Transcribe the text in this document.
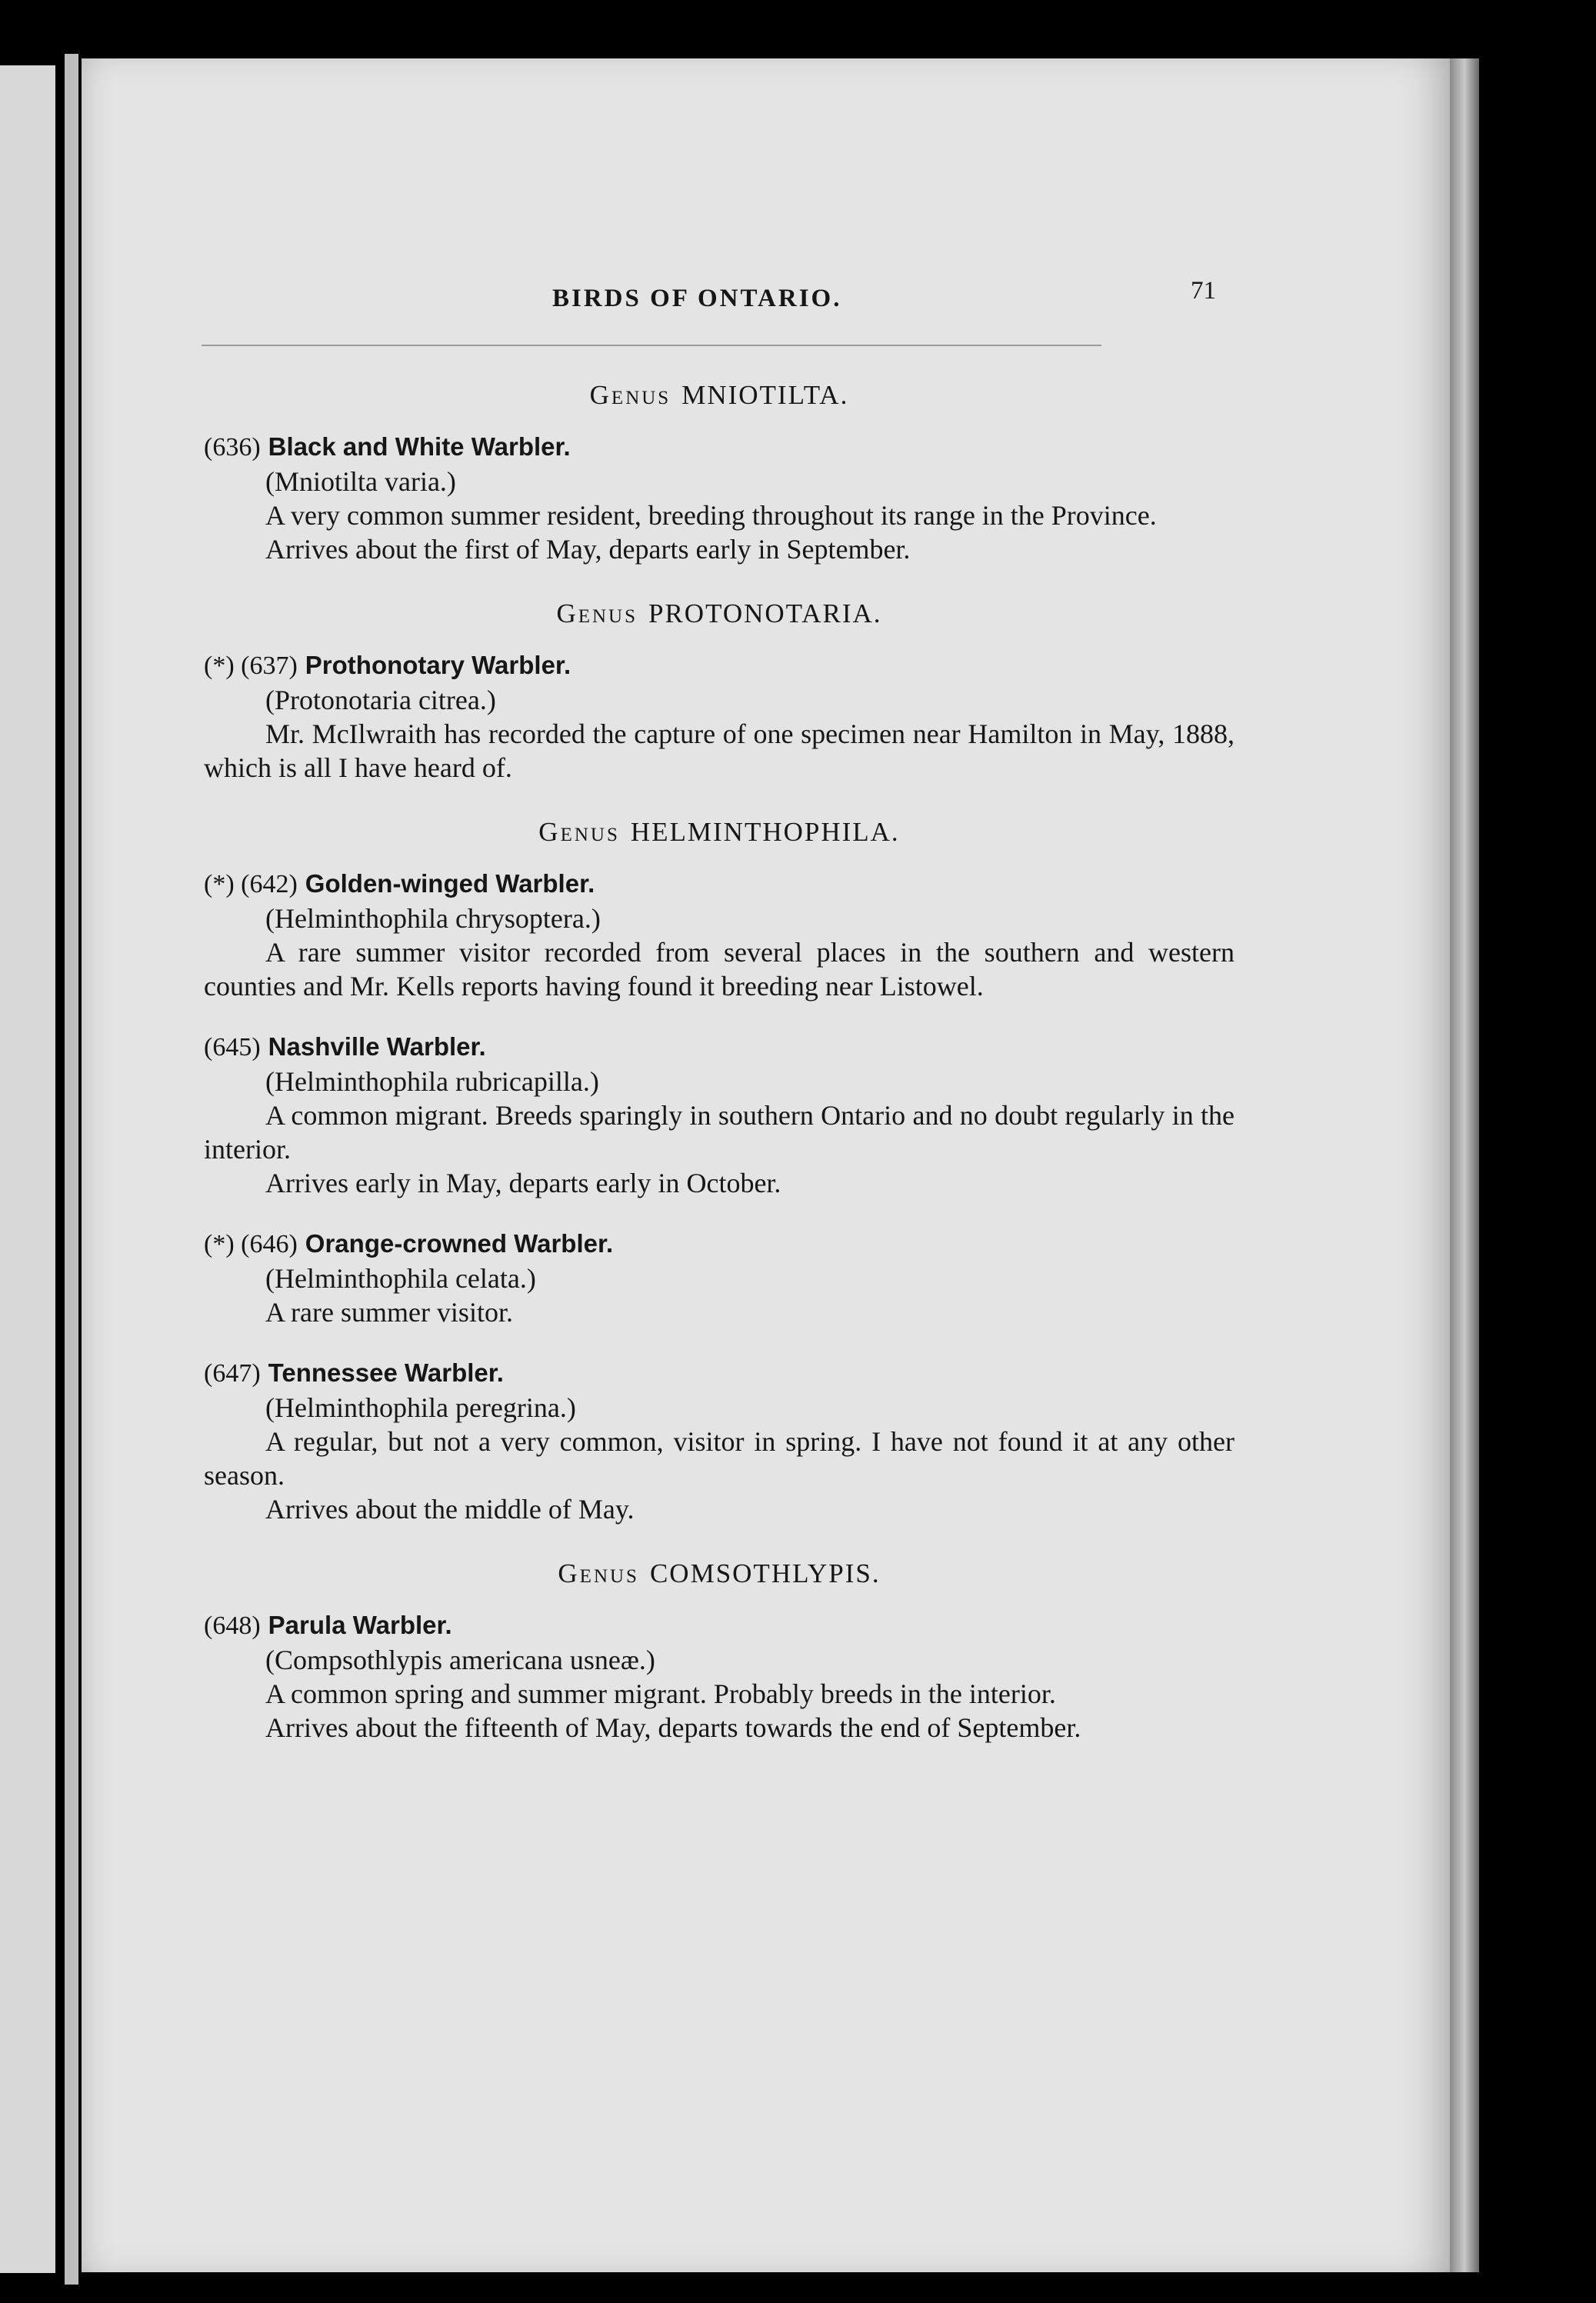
BIRDS OF ONTARIO.	71

Genus MNIOTILTA.

(636) Black and White Warbler.

(Mniotilta varia.)

A very common summer resident, breeding throughout its range in the Province.

Arrives about the first of May, departs early in September.

Genus PROTONOTARIA.

(*) (637) Prothonotary Warbler.

(Protonotaria citrea.)

Mr. McIlwraith has recorded the capture of one specimen near Hamilton in May, 1888, which is all I have heard of.

Genus HELMINTHOPHILA.

(*) (642) Golden-winged Warbler.

(Helminthophila chrysoptera.)

A rare summer visitor recorded from several places in the southern and western counties and Mr. Kells reports having found it breeding near Listowel.

(645) Nashville Warbler.

(Helminthophila rubricapilla.)

A common migrant. Breeds sparingly in southern Ontario and no doubt regularly in the interior.

Arrives early in May, departs early in October.

(*) (646) Orange-crowned Warbler.

(Helminthophila celata.)

A rare summer visitor.

(647) Tennessee Warbler.

(Helminthophila peregrina.)

A regular, but not a very common, visitor in spring. I have not found it at any other season.

Arrives about the middle of May.

Genus COMSOTHLYPIS.

(648) Parula Warbler.

(Compsothlypis americana usneæ.)

A common spring and summer migrant. Probably breeds in the interior.

Arrives about the fifteenth of May, departs towards the end of September.
